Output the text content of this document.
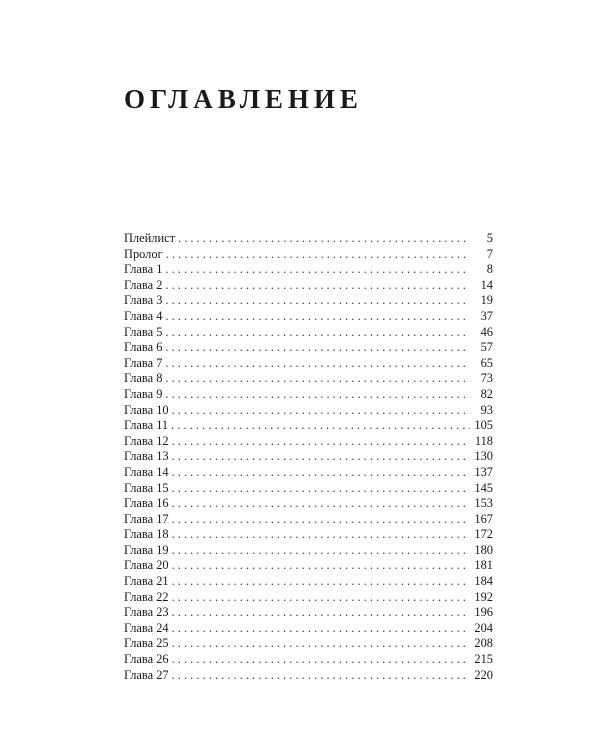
ОГЛАВЛЕНИЕ
Плейлист . . .	5
Пролог . . .	7
Глава 1 . . .	8
Глава 2 . . .	14
Глава 3 . . .	19
Глава 4 . . .	37
Глава 5 . . .	46
Глава 6 . . .	57
Глава 7 . . .	65
Глава 8 . . .	73
Глава 9 . . .	82
Глава 10 . . .	93
Глава 11 . . .	105
Глава 12 . . .	118
Глава 13 . . .	130
Глава 14 . . .	137
Глава 15 . . .	145
Глава 16 . . .	153
Глава 17 . . .	167
Глава 18 . . .	172
Глава 19 . . .	180
Глава 20 . . .	181
Глава 21 . . .	184
Глава 22 . . .	192
Глава 23 . . .	196
Глава 24 . . .	204
Глава 25 . . .	208
Глава 26 . . .	215
Глава 27 . . .	220
